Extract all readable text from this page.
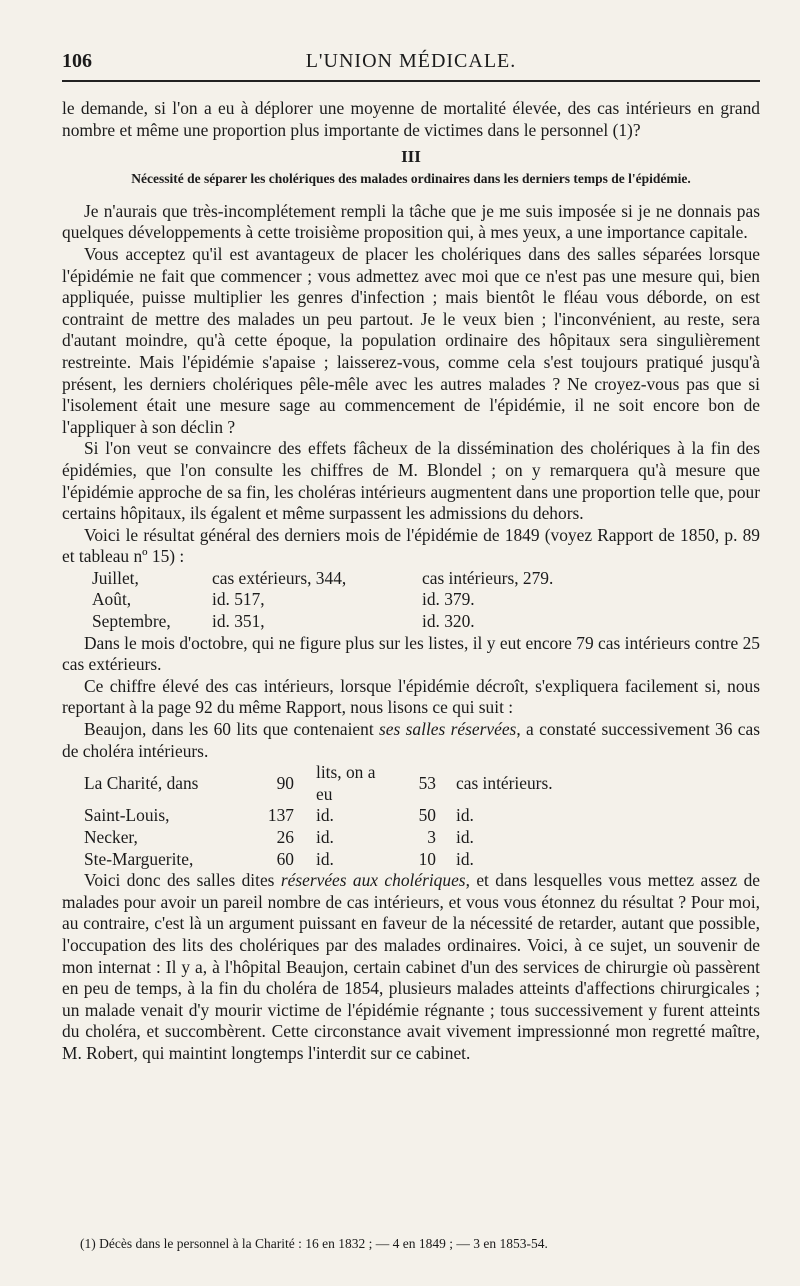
106	L'UNION MÉDICALE.

le demande, si l'on a eu à déplorer une moyenne de mortalité élevée, des cas intérieurs en grand nombre et même une proportion plus importante de victimes dans le personnel (1)?

III
Nécessité de séparer les cholériques des malades ordinaires dans les derniers temps de l'épidémie.

Je n'aurais que très-incomplétement rempli la tâche que je me suis imposée si je ne donnais pas quelques développements à cette troisième proposition qui, à mes yeux, a une importance capitale.

Vous acceptez qu'il est avantageux de placer les cholériques dans des salles séparées lorsque l'épidémie ne fait que commencer ; vous admettez avec moi que ce n'est pas une mesure qui, bien appliquée, puisse multiplier les genres d'infection ; mais bientôt le fléau vous déborde, on est contraint de mettre des malades un peu partout. Je le veux bien ; l'inconvénient, au reste, sera d'autant moindre, qu'à cette époque, la population ordinaire des hôpitaux sera singulièrement restreinte. Mais l'épidémie s'apaise ; laisserez-vous, comme cela s'est toujours pratiqué jusqu'à présent, les derniers cholériques pêle-mêle avec les autres malades ? Ne croyez-vous pas que si l'isolement était une mesure sage au commencement de l'épidémie, il ne soit encore bon de l'appliquer à son déclin ?

Si l'on veut se convaincre des effets fâcheux de la dissémination des cholériques à la fin des épidémies, que l'on consulte les chiffres de M. Blondel ; on y remarquera qu'à mesure que l'épidémie approche de sa fin, les choléras intérieurs augmentent dans une proportion telle que, pour certains hôpitaux, ils égalent et même surpassent les admissions du dehors.

Voici le résultat général des derniers mois de l'épidémie de 1849 (voyez Rapport de 1850, p. 89 et tableau nº 15) :

Juillet,	cas extérieurs, 344,	cas intérieurs, 279.
Août,	id. 517,	id. 379.
Septembre,	id. 351,	id. 320.

Dans le mois d'octobre, qui ne figure plus sur les listes, il y eut encore 79 cas intérieurs contre 25 cas extérieurs.

Ce chiffre élevé des cas intérieurs, lorsque l'épidémie décroît, s'expliquera facilement si, nous reportant à la page 92 du même Rapport, nous lisons ce qui suit :

Beaujon, dans les 60 lits que contenaient ses salles réservées, a constaté successivement 36 cas de choléra intérieurs.

La Charité, dans	90	lits, on a eu	53	cas intérieurs.
Saint-Louis,	137	id.	50	id.
Necker,	26	id.	3	id.
Ste-Marguerite,	60	id.	10	id.

Voici donc des salles dites réservées aux cholériques, et dans lesquelles vous mettez assez de malades pour avoir un pareil nombre de cas intérieurs, et vous vous étonnez du résultat ? Pour moi, au contraire, c'est là un argument puissant en faveur de la nécessité de retarder, autant que possible, l'occupation des lits des cholériques par des malades ordinaires. Voici, à ce sujet, un souvenir de mon internat : Il y a, à l'hôpital Beaujon, certain cabinet d'un des services de chirurgie où passèrent en peu de temps, à la fin du choléra de 1854, plusieurs malades atteints d'affections chirurgicales ; un malade venait d'y mourir victime de l'épidémie régnante ; tous successivement y furent atteints du choléra, et succombèrent. Cette circonstance avait vivement impressionné mon regretté maître, M. Robert, qui maintint longtemps l'interdit sur ce cabinet.

(1) Décès dans le personnel à la Charité : 16 en 1832 ; — 4 en 1849 ; — 3 en 1853-54.
